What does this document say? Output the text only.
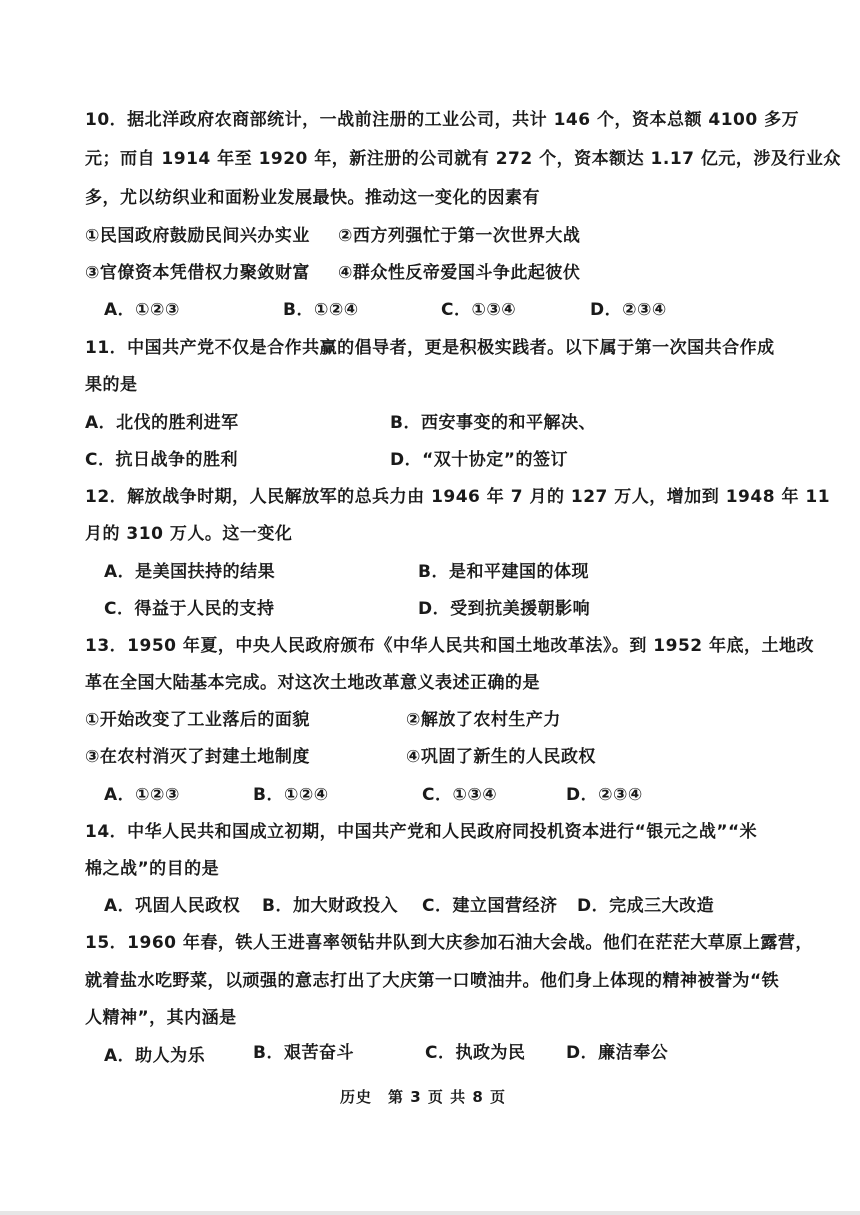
10．据北洋政府农商部统计，一战前注册的工业公司，共计 146 个，资本总额 4100 多万
元；而自 1914 年至 1920 年，新注册的公司就有 272 个，资本额达 1.17 亿元，涉及行业众
多，尤以纺织业和面粉业发展最快。推动这一变化的因素有
①民国政府鼓励民间兴办实业 ②西方列强忙于第一次世界大战
③官僚资本凭借权力聚敛财富 ④群众性反帝爱国斗争此起彼伏
A．①②③	B．①②④	C．①③④	D．②③④
11．中国共产党不仅是合作共赢的倡导者，更是积极实践者。以下属于第一次国共合作成
果的是
A．北伐的胜利进军	B．西安事变的和平解决、
C．抗日战争的胜利	D．“双十协定”的签订
12．解放战争时期，人民解放军的总兵力由 1946 年 7 月的 127 万人，增加到 1948 年 11
月的 310 万人。这一变化
A．是美国扶持的结果	B．是和平建国的体现
C．得益于人民的支持	D．受到抗美援朝影响
13．1950 年夏，中央人民政府颁布《中华人民共和国土地改革法》。到 1952 年底，土地改
革在全国大陆基本完成。对这次土地改革意义表述正确的是
①开始改变了工业落后的面貌	②解放了农村生产力
③在农村消灭了封建土地制度	④巩固了新生的人民政权
A．①②③	B．①②④	C．①③④	D．②③④
14．中华人民共和国成立初期，中国共产党和人民政府同投机资本进行“银元之战”“米
棉之战”的目的是
A．巩固人民政权 B．加大财政投入 C．建立国营经济 D．完成三大改造
15．1960 年春，铁人王进喜率领钻井队到大庆参加石油大会战。他们在茫茫大草原上露营，
就着盐水吃野菜，以顽强的意志打出了大庆第一口喷油井。他们身上体现的精神被誉为“铁
人精神”，其内涵是
A．助人为乐	B．艰苦奋斗	C．执政为民 D．廉洁奉公
历史　第 3 页 共 8 页
